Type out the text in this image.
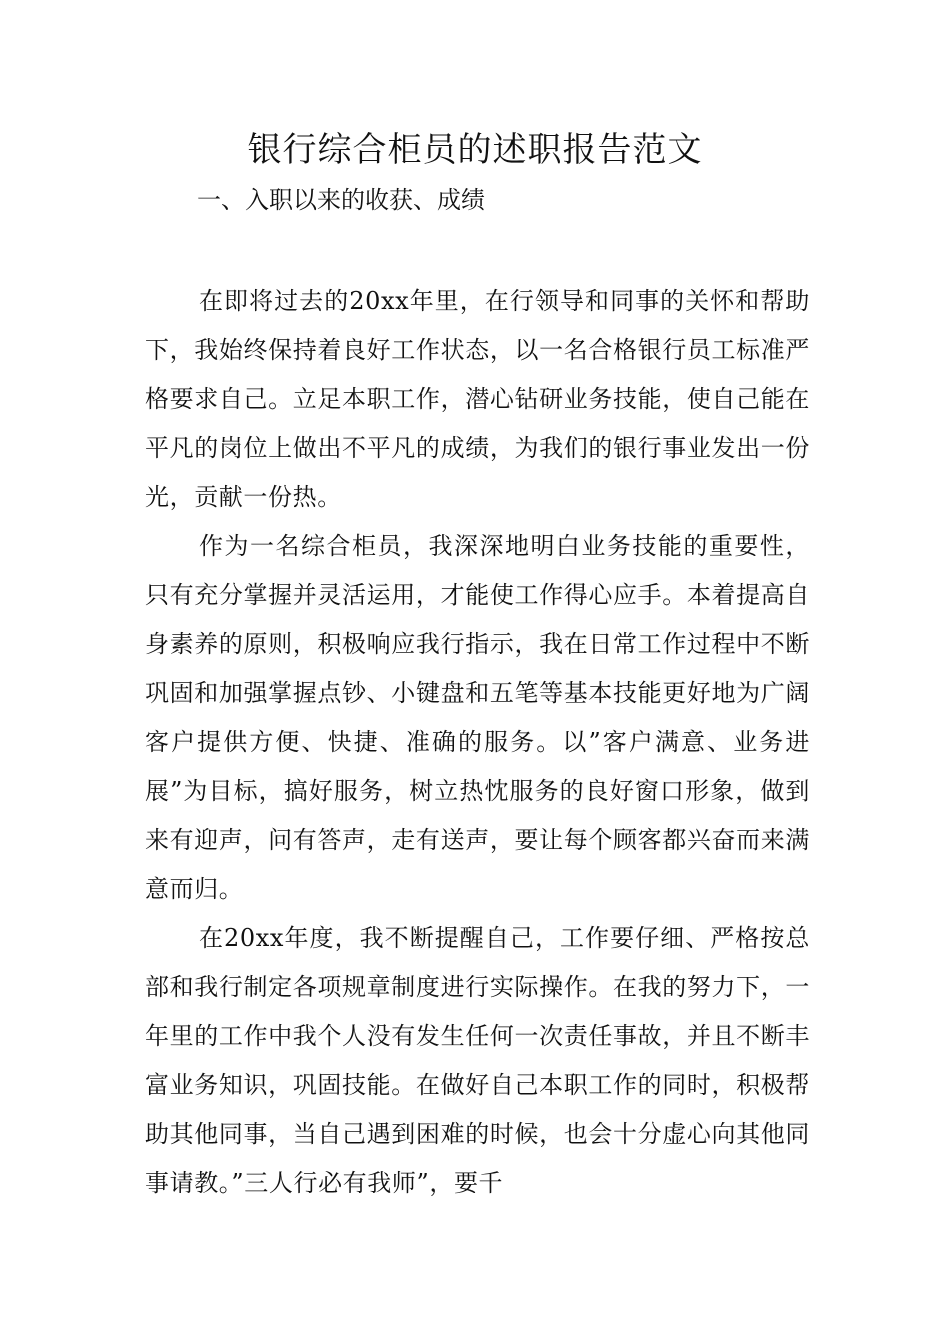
银行综合柜员的述职报告范文
一、入职以来的收获、成绩

在即将过去的20xx年里，在行领导和同事的关怀和帮助下，我始终保持着良好工作状态，以一名合格银行员工标准严格要求自己。立足本职工作，潜心钻研业务技能，使自己能在平凡的岗位上做出不平凡的成绩，为我们的银行事业发出一份光，贡献一份热。

作为一名综合柜员，我深深地明白业务技能的重要性，只有充分掌握并灵活运用，才能使工作得心应手。本着提高自身素养的原则，积极响应我行指示，我在日常工作过程中不断巩固和加强掌握点钞、小键盘和五笔等基本技能更好地为广阔客户提供方便、快捷、准确的服务。以”客户满意、业务进展”为目标，搞好服务，树立热忱服务的良好窗口形象，做到来有迎声，问有答声，走有送声，要让每个顾客都兴奋而来满意而归。

在20xx年度，我不断提醒自己，工作要仔细、严格按总部和我行制定各项规章制度进行实际操作。在我的努力下，一年里的工作中我个人没有发生任何一次责任事故，并且不断丰富业务知识，巩固技能。在做好自己本职工作的同时，积极帮助其他同事，当自己遇到困难的时候，也会十分虚心向其他同事请教。”三人行必有我师”，要千
